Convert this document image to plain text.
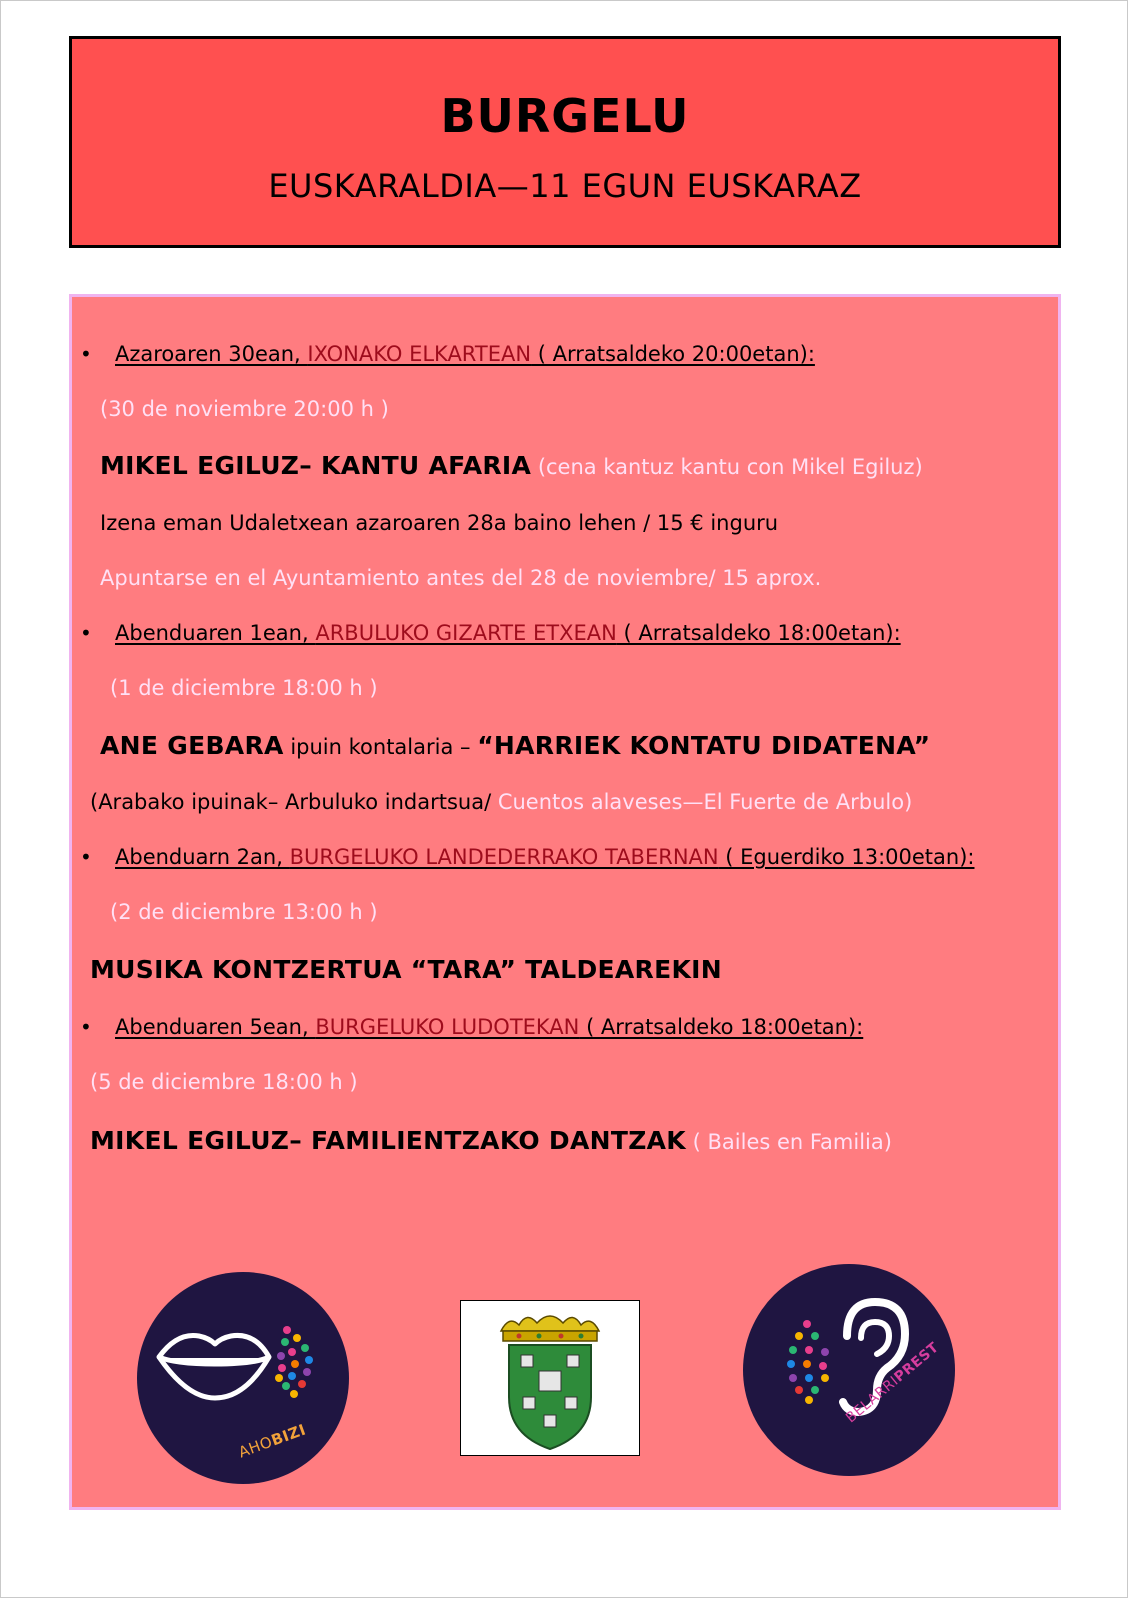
BURGELU
EUSKARALDIA—11 EGUN EUSKARAZ
• Azaroaren 30ean, IXONAKO ELKARTEAN ( Arratsaldeko 20:00etan):
(30 de noviembre 20:00 h )
MIKEL EGILUZ– KANTU AFARIA (cena kantuz kantu con Mikel Egiluz)
Izena eman Udaletxean azaroaren 28a baino lehen / 15 € inguru
Apuntarse en el Ayuntamiento antes del 28 de noviembre/ 15 aprox.
• Abenduaren 1ean, ARBULUKO GIZARTE ETXEAN ( Arratsaldeko 18:00etan):
(1 de diciembre 18:00 h )
ANE GEBARA ipuin kontalaria – “HARRIEK KONTATU DIDATENA”
(Arabako ipuinak– Arbuluko indartsua/ Cuentos alaveses—El Fuerte de Arbulo)
• Abenduarn 2an, BURGELUKO LANDEDERRAKO TABERNAN ( Eguerdiko 13:00etan):
(2 de diciembre 13:00 h )
MUSIKA KONTZERTUA “TARA” TALDEAREKIN
• Abenduaren 5ean, BURGELUKO LUDOTEKAN ( Arratsaldeko 18:00etan):
(5 de diciembre 18:00 h )
MIKEL EGILUZ– FAMILIENTZAKO DANTZAK ( Bailes en Familia)
AHOBIZI
BELARRIPREST
